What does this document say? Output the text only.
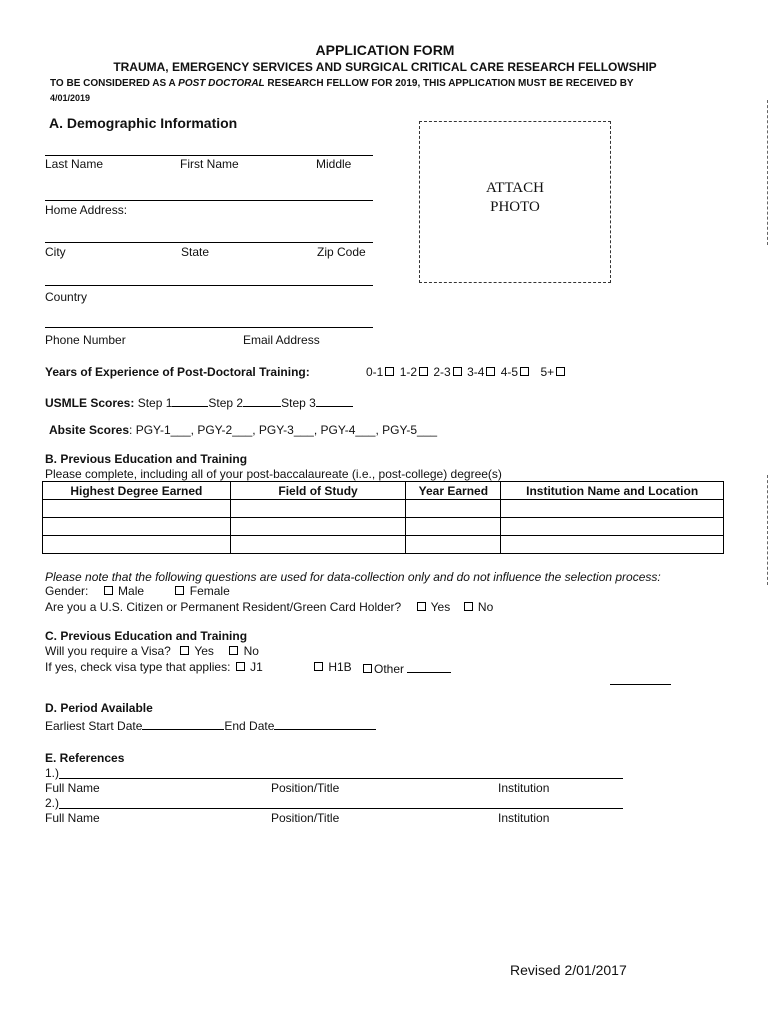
APPLICATION FORM
TRAUMA, EMERGENCY SERVICES AND SURGICAL CRITICAL CARE RESEARCH FELLOWSHIP
TO BE CONSIDERED AS A POST DOCTORAL RESEARCH FELLOW FOR 2019, THIS APPLICATION MUST BE RECEIVED BY
4/01/2019
A. Demographic Information
Last Name	First Name	Middle
Home Address:
City	State	Zip Code
Country
Phone Number	Email Address
ATTACH
PHOTO
Years of Experience of Post-Doctoral Training:	0-1 1-2 2-3 3-4 4-5 5+
USMLE Scores: Step 1	Step 2	Step 3
Absite Scores: PGY-1___, PGY-2___, PGY-3___, PGY-4___, PGY-5___
B. Previous Education and Training
Please complete, including all of your post-baccalaureate (i.e., post-college) degree(s)
Highest Degree Earned	Field of Study	Year Earned	Institution Name and Location

Please note that the following questions are used for data-collection only and do not influence the selection process:
Gender: Male	Female
Are you a U.S. Citizen or Permanent Resident/Green Card Holder? Yes No
C. Previous Education and Training
Will you require a Visa? Yes No
If yes, check visa type that applies: J1	H1B	Other
D. Period Available
Earliest Start Date	End Date
E. References
1.)
Full Name	Position/Title	Institution
2.)
Full Name	Position/Title	Institution
Revised 2/01/2017
